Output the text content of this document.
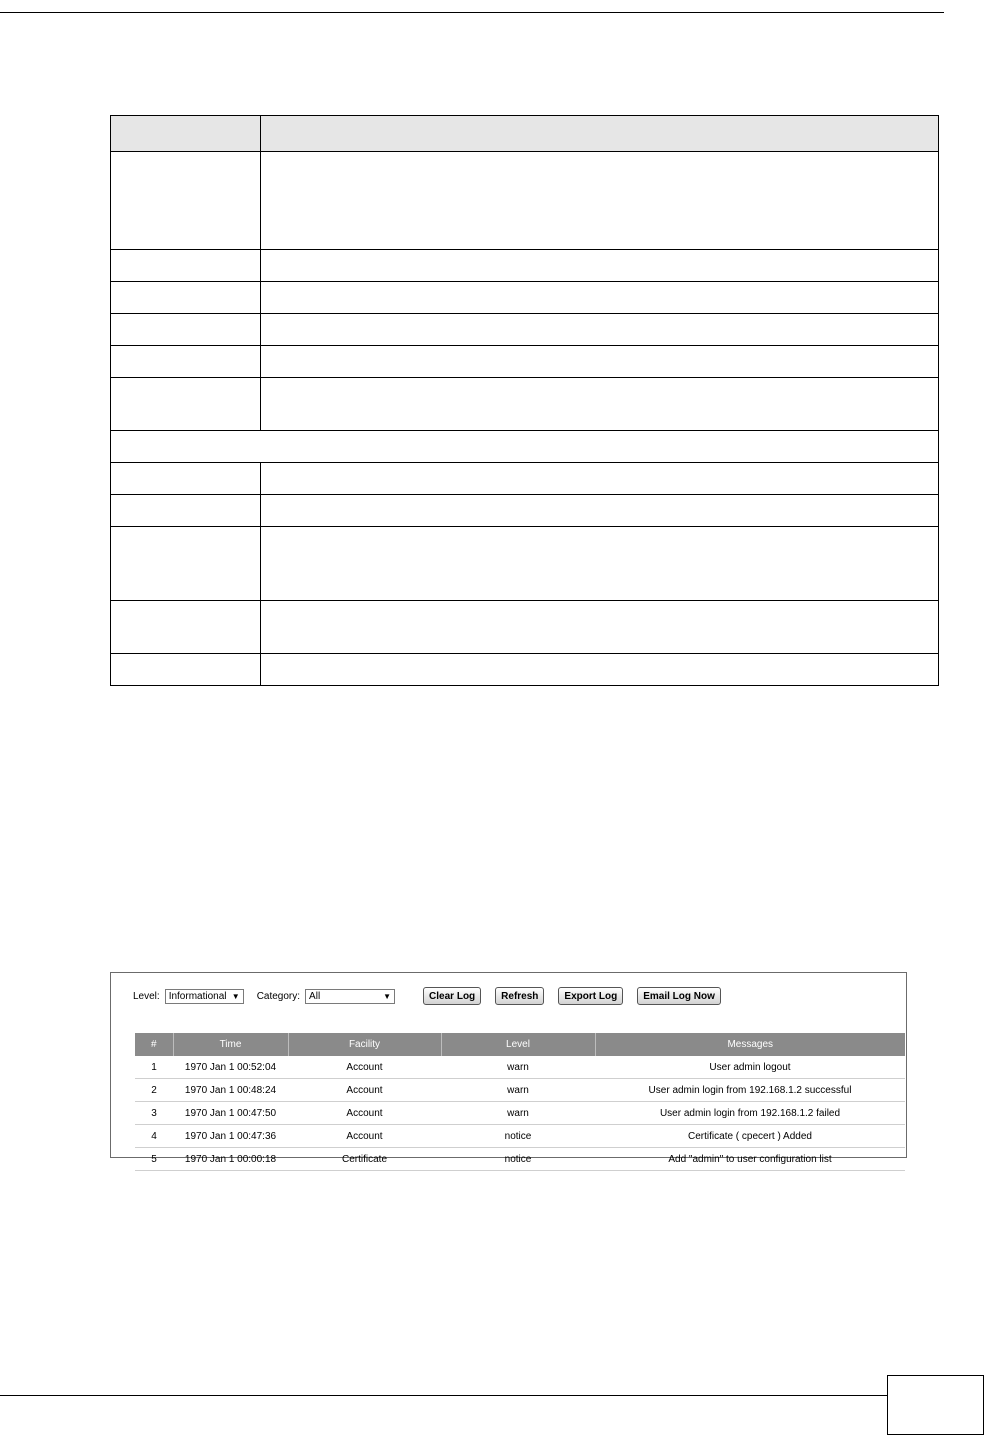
Level: Informational ▼ Category: All	▼	Clear Log	Refresh	Export Log	Email Log Now
#	Time	Facility	Level	Messages
1	1970 Jan 1 00:52:04	Account	warn	User admin logout
2	1970 Jan 1 00:48:24	Account	warn	User admin login from 192.168.1.2 successful
3	1970 Jan 1 00:47:50	Account	warn	User admin login from 192.168.1.2 failed
4	1970 Jan 1 00:47:36	Account	notice	Certificate ( cpecert ) Added
5	1970 Jan 1 00:00:18	Certificate	notice	Add "admin" to user configuration list
